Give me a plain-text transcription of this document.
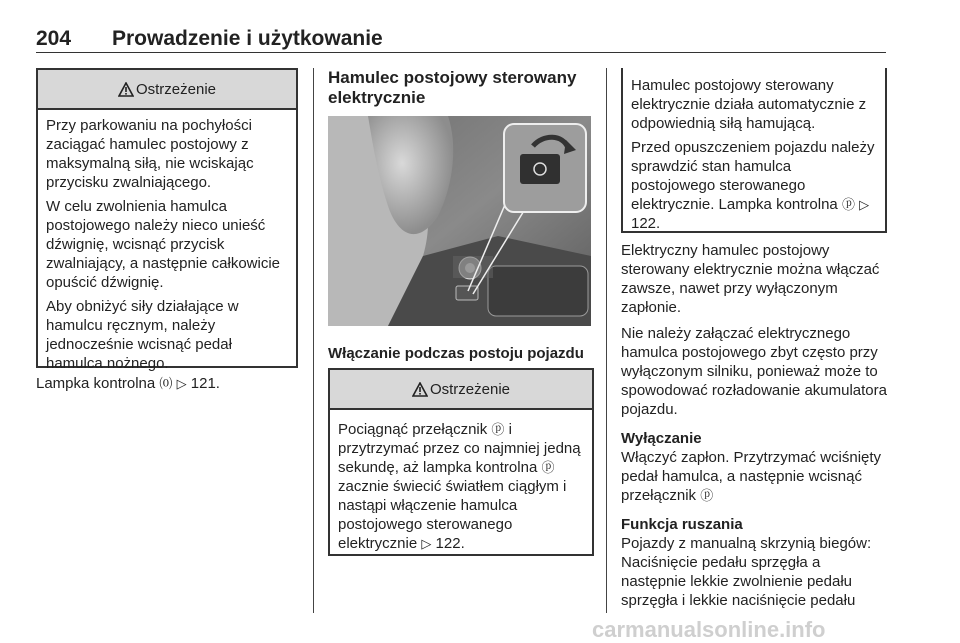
204 Prowadzenie i użytkowanie
Ostrzeżenie

Przy parkowaniu na pochyłości zaciągać hamulec postojowy z maksymalną siłą, nie wciskając przycisku zwalniającego.

W celu zwolnienia hamulca postojowego należy nieco unieść dźwignię, wcisnąć przycisk zwalniający, a następnie całkowicie opuścić dźwignię.

Aby obniżyć siły działające w hamulcu ręcznym, należy jednocześnie wcisnąć pedał hamulca nożnego.

Lampka kontrolna ⒪ ▷ 121.
Hamulec postojowy sterowany elektrycznie
Włączanie podczas postoju pojazdu
Ostrzeżenie
Pociągnąć przełącznik ⓟ i przytrzymać przez co najmniej jedną sekundę, aż lampka kontrolna ⓟ zacznie świecić światłem ciągłym i nastąpi włączenie hamulca postojowego sterowanego elektrycznie ▷ 122.

Hamulec postojowy sterowany elektrycznie działa automatycznie z odpowiednią siłą hamującą.

Przed opuszczeniem pojazdu należy sprawdzić stan hamulca postojowego sterowanego elektrycznie. Lampka kontrolna ⓟ ▷ 122.

Elektryczny hamulec postojowy sterowany elektrycznie można włączać zawsze, nawet przy wyłączonym zapłonie.

Nie należy załączać elektrycznego hamulca postojowego zbyt często przy wyłączonym silniku, ponieważ może to spowodować rozładowanie akumulatora pojazdu.

Wyłączanie

Włączyć zapłon. Przytrzymać wciśnięty pedał hamulca, a następnie wcisnąć przełącznik ⓟ

Funkcja ruszania
Pojazdy z manualną skrzynią biegów: Naciśnięcie pedału sprzęgła a następnie lekkie zwolnienie pedału sprzęgła i lekkie naciśnięcie pedału
carmanualsonline.info
